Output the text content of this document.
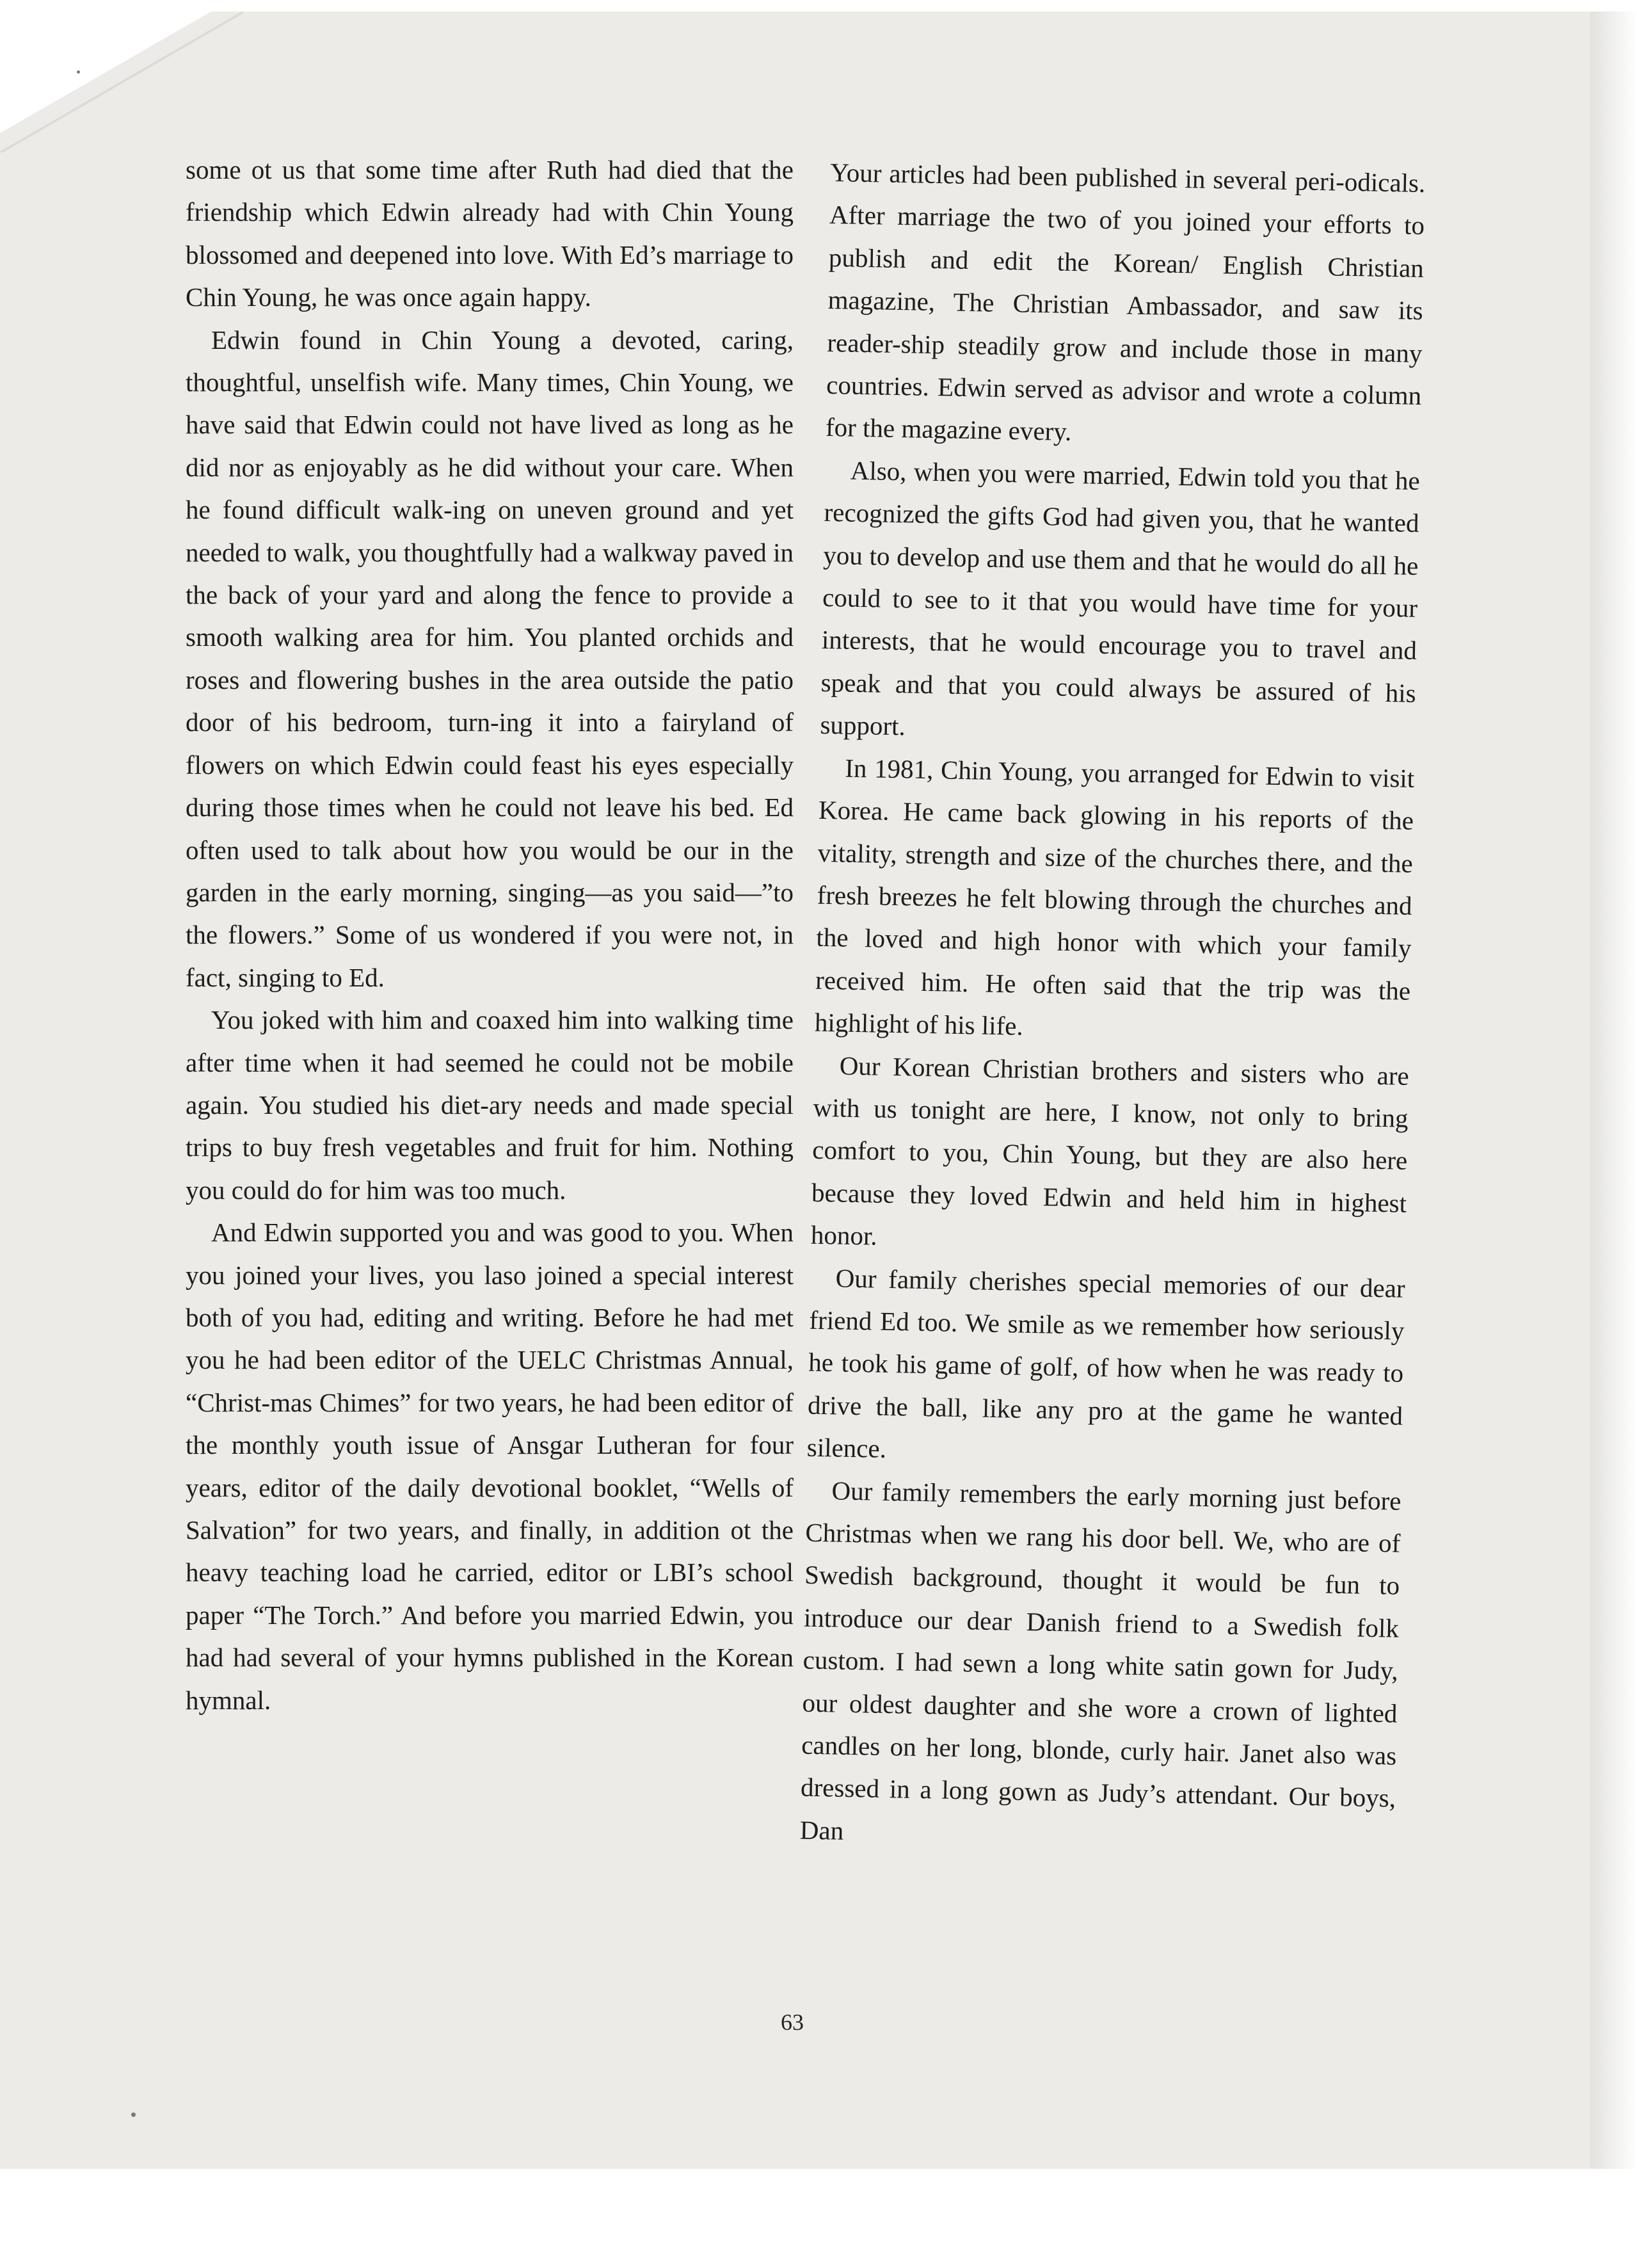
some ot us that some time after Ruth had died that the friendship which Edwin already had with Chin Young blossomed and deepened into love. With Ed’s marriage to Chin Young, he was once again happy.

Edwin found in Chin Young a devoted, caring, thoughtful, unselfish wife. Many times, Chin Young, we have said that Edwin could not have lived as long as he did nor as enjoyably as he did without your care. When he found difficult walk-ing on uneven ground and yet needed to walk, you thoughtfully had a walkway paved in the back of your yard and along the fence to provide a smooth walking area for him. You planted orchids and roses and flowering bushes in the area outside the patio door of his bedroom, turn-ing it into a fairyland of flowers on which Edwin could feast his eyes especially during those times when he could not leave his bed. Ed often used to talk about how you would be our in the garden in the early morning, singing—as you said—”to the flowers.” Some of us wondered if you were not, in fact, singing to Ed.

You joked with him and coaxed him into walking time after time when it had seemed he could not be mobile again. You studied his diet-ary needs and made special trips to buy fresh vegetables and fruit for him. Nothing you could do for him was too much.

And Edwin supported you and was good to you. When you joined your lives, you laso joined a special interest both of you had, editing and writing. Before he had met you he had been editor of the UELC Christmas Annual, “Christ-mas Chimes” for two years, he had been editor of the monthly youth issue of Ansgar Lutheran for four years, editor of the daily devotional booklet, “Wells of Salvation” for two years, and finally, in addition ot the heavy teaching load he carried, editor or LBI’s school paper “The Torch.” And before you married Edwin, you had had several of your hymns published in the Korean hymnal.

Your articles had been published in several peri-odicals. After marriage the two of you joined your efforts to publish and edit the Korean/ English Christian magazine, The Christian Ambassador, and saw its reader-ship steadily grow and include those in many countries. Edwin served as advisor and wrote a column for the magazine every.

Also, when you were married, Edwin told you that he recognized the gifts God had given you, that he wanted you to develop and use them and that he would do all he could to see to it that you would have time for your interests, that he would encourage you to travel and speak and that you could always be assured of his support.

In 1981, Chin Young, you arranged for Edwin to visit Korea. He came back glowing in his reports of the vitality, strength and size of the churches there, and the fresh breezes he felt blowing through the churches and the loved and high honor with which your family received him. He often said that the trip was the highlight of his life.

Our Korean Christian brothers and sisters who are with us tonight are here, I know, not only to bring comfort to you, Chin Young, but they are also here because they loved Edwin and held him in highest honor.

Our family cherishes special memories of our dear friend Ed too. We smile as we remember how seriously he took his game of golf, of how when he was ready to drive the ball, like any pro at the game he wanted silence.

Our family remembers the early morning just before Christmas when we rang his door bell. We, who are of Swedish background, thought it would be fun to introduce our dear Danish friend to a Swedish folk custom. I had sewn a long white satin gown for Judy, our oldest daughter and she wore a crown of lighted candles on her long, blonde, curly hair. Janet also was dressed in a long gown as Judy’s attendant. Our boys, Dan

63
